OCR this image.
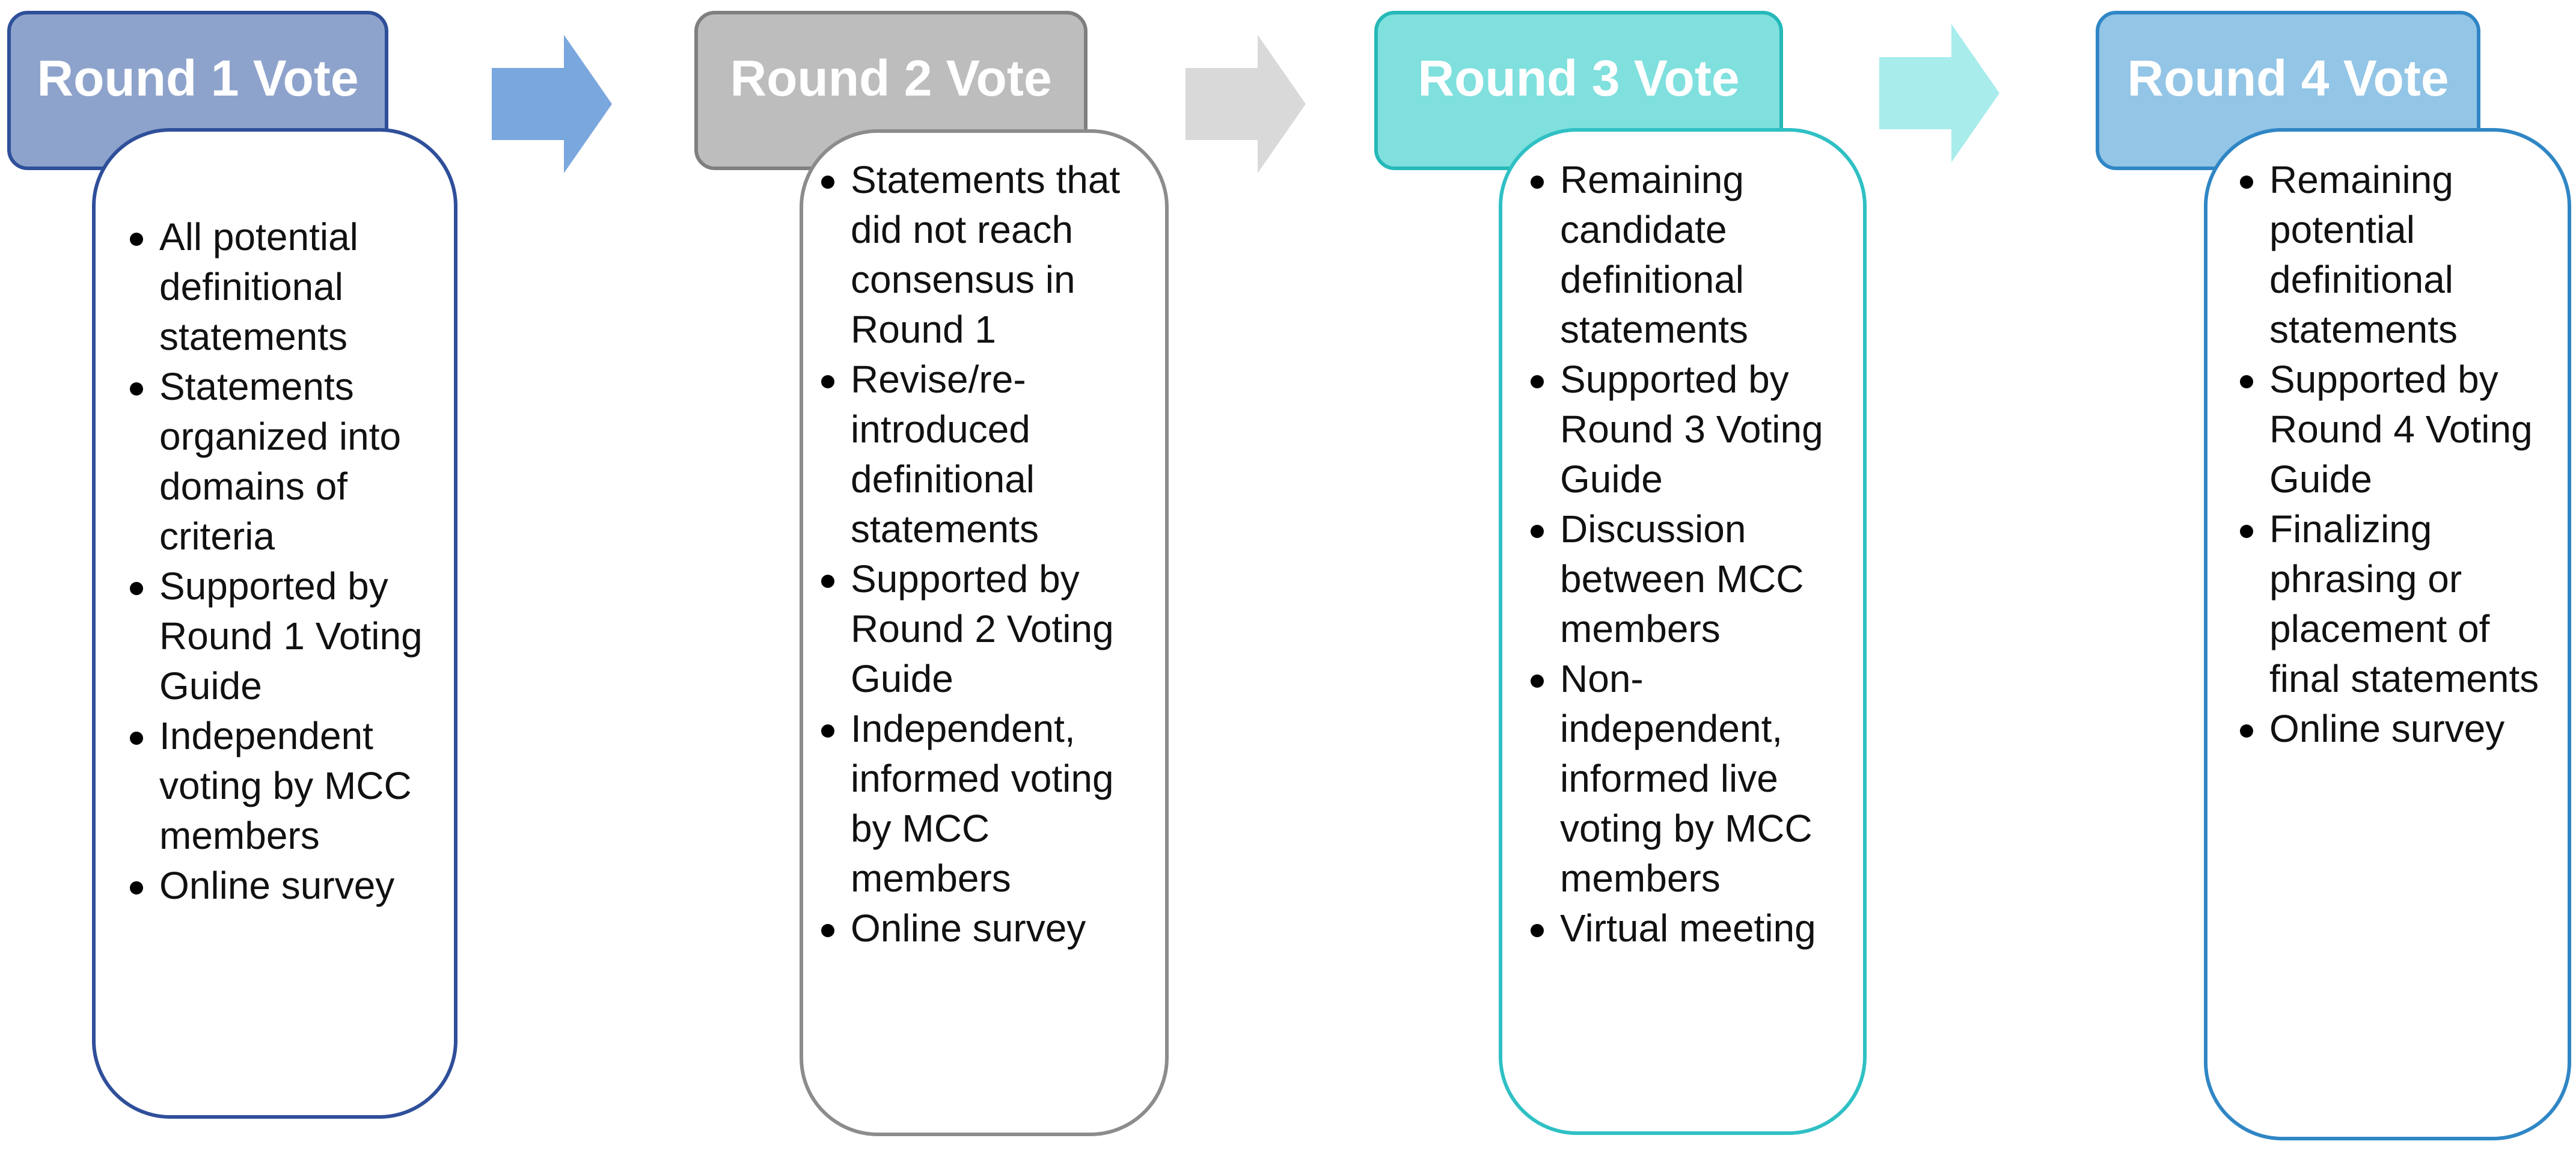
Round 1 Vote	Round 2 Vote	Round 3 Vote	Round 4 Vote
All potential definitional statements
Statements organized into domains of criteria
Supported by Round 1 Voting Guide
Independent voting by MCC members
Online survey
Statements that did not reach consensus in Round 1
Revise/re-introduced definitional statements
Supported by Round 2 Voting Guide
Independent, informed voting by MCC members
Online survey
Remaining candidate definitional statements
Supported by Round 3 Voting Guide
Discussion between MCC members
Non-independent, informed live voting by MCC members
Virtual meeting
Remaining potential definitional statements
Supported by Round 4 Voting Guide
Finalizing phrasing or placement of final statements
Online survey
